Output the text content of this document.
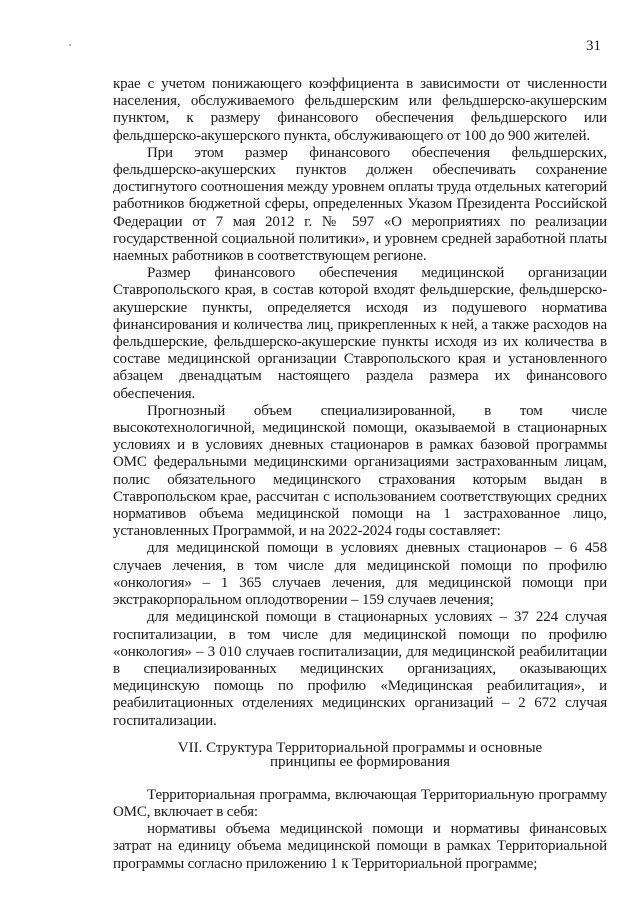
31

крае с учетом понижающего коэффициента в зависимости от численности населения, обслуживаемого фельдшерским или фельдшерско-акушерским пунктом, к размеру финансового обеспечения фельдшерского или фельдшерско-акушерского пункта, обслуживающего от 100 до 900 жителей.

При этом размер финансового обеспечения фельдшерских, фельдшерско-акушерских пунктов должен обеспечивать сохранение достигнутого соотношения между уровнем оплаты труда отдельных категорий работников бюджетной сферы, определенных Указом Президента Российской Федерации от 7 мая 2012 г. № 597 «О мероприятиях по реализации государственной социальной политики», и уровнем средней заработной платы наемных работников в соответствующем регионе.

Размер финансового обеспечения медицинской организации Ставропольского края, в состав которой входят фельдшерские, фельдшерско-акушерские пункты, определяется исходя из подушевого норматива финансирования и количества лиц, прикрепленных к ней, а также расходов на фельдшерские, фельдшерско-акушерские пункты исходя из их количества в составе медицинской организации Ставропольского края и установленного абзацем двенадцатым настоящего раздела размера их финансового обеспечения.

Прогнозный объем специализированной, в том числе высокотехнологичной, медицинской помощи, оказываемой в стационарных условиях и в условиях дневных стационаров в рамках базовой программы ОМС федеральными медицинскими организациями застрахованным лицам, полис обязательного медицинского страхования которым выдан в Ставропольском крае, рассчитан с использованием соответствующих средних нормативов объема медицинской помощи на 1 застрахованное лицо, установленных Программой, и на 2022-2024 годы составляет:

для медицинской помощи в условиях дневных стационаров – 6 458 случаев лечения, в том числе для медицинской помощи по профилю «онкология» – 1 365 случаев лечения, для медицинской помощи при экстракорпоральном оплодотворении – 159 случаев лечения;

для медицинской помощи в стационарных условиях – 37 224 случая госпитализации, в том числе для медицинской помощи по профилю «онкология» – 3 010 случаев госпитализации, для медицинской реабилитации в специализированных медицинских организациях, оказывающих медицинскую помощь по профилю «Медицинская реабилитация», и реабилитационных отделениях медицинских организаций – 2 672 случая госпитализации.

VII. Структура Территориальной программы и основные
принципы ее формирования

Территориальная программа, включающая Территориальную программу ОМС, включает в себя:

нормативы объема медицинской помощи и нормативы финансовых затрат на единицу объема медицинской помощи в рамках Территориальной программы согласно приложению 1 к Территориальной программе;
